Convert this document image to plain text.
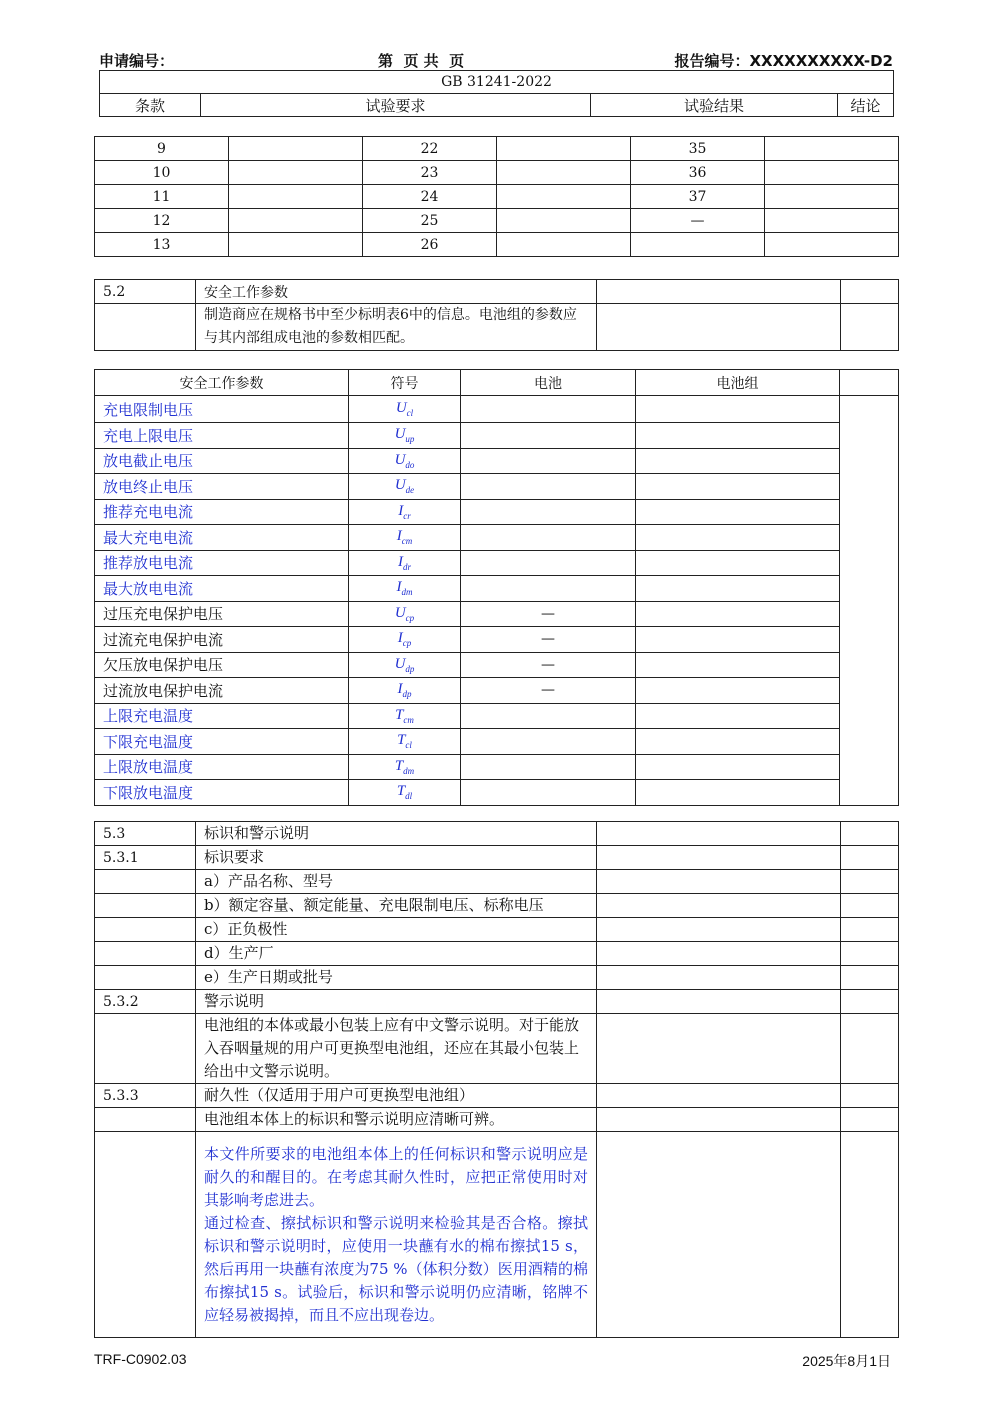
申请编号：	第  页 共  页	报告编号：XXXXXXXXXX-D2
GB 31241-2022
条款	试验要求	试验结果	结论
9		22		35	
10		23		36	
11		24		37	
12		25		—	
13		26			
5.2	安全工作参数		
	制造商应在规格书中至少标明表6中的信息。电池组的参数应与其内部组成电池的参数相匹配。		
安全工作参数	符号	电池	电池组	
充电限制电压	$U_{cl}$			
充电上限电压	$U_{up}$		
放电截止电压	$U_{do}$		
放电终止电压	$U_{de}$		
推荐充电电流	$I_{cr}$		
最大充电电流	$I_{cm}$		
推荐放电电流	$I_{dr}$		
最大放电电流	$I_{dm}$		
过压充电保护电压	$U_{cp}$	—		
过流充电保护电流	$I_{cp}$	—		
欠压放电保护电压	$U_{dp}$	—		
过流放电保护电流	$I_{dp}$	—		
上限充电温度	$T_{cm}$		
下限充电温度	$T_{cl}$		
上限放电温度	$T_{dm}$		
下限放电温度	$T_{dl}$		
5.3	标识和警示说明		
5.3.1	标识要求		
	a）产品名称、型号		
	b）额定容量、额定能量、充电限制电压、标称电压		
	c）正负极性		
	d）生产厂		
	e）生产日期或批号		
5.3.2	警示说明		
	电池组的本体或最小包装上应有中文警示说明。对于能放入吞咽量规的用户可更换型电池组，还应在其最小包装上给出中文警示说明。		
5.3.3	耐久性（仅适用于用户可更换型电池组）		
	电池组本体上的标识和警示说明应清晰可辨。		

	本文件所要求的电池组本体上的任何标识和警示说明应是耐久的和醒目的。在考虑其耐久性时，应把正常使用时对其影响考虑进去。
通过检查、擦拭标识和警示说明来检验其是否合格。擦拭标识和警示说明时，应使用一块蘸有水的棉布擦拭15 s，然后再用一块蘸有浓度为75 %（体积分数）医用酒精的棉布擦拭15 s。试验后，标识和警示说明仍应清晰，铭牌不应轻易被揭掉，而且不应出现卷边。		

TRF-C0902.03	2025年8月1日
